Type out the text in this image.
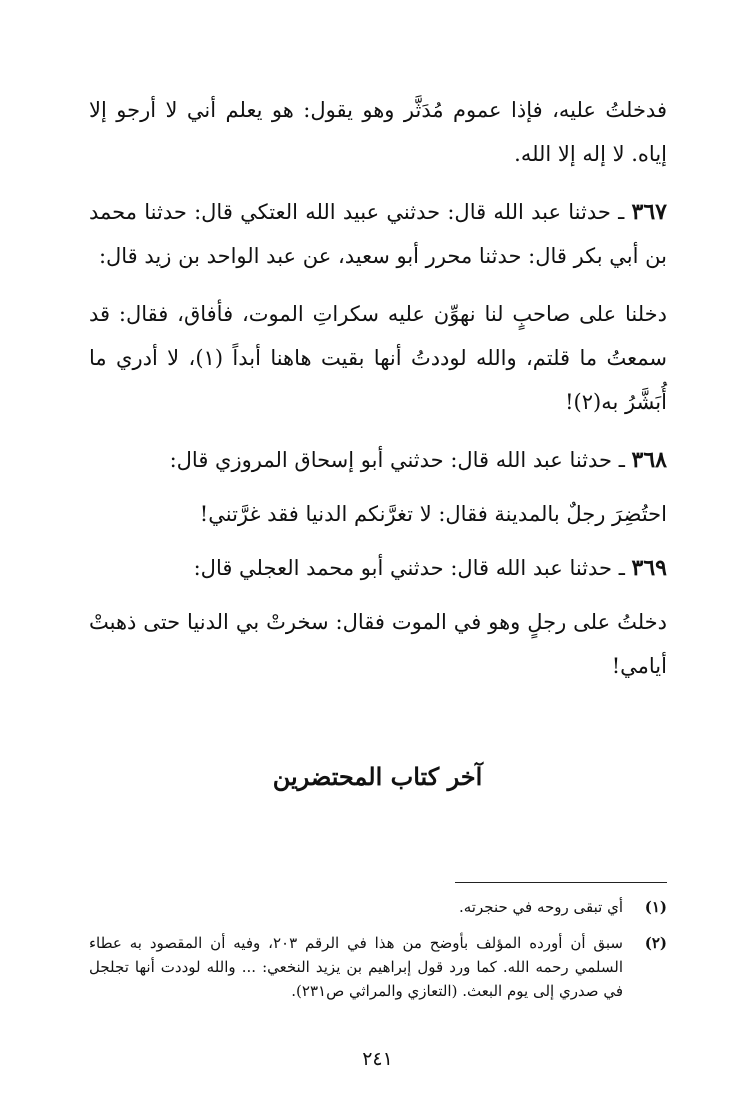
فدخلتُ عليه، فإذا عموم مُدَثَّر وهو يقول: هو يعلم أني لا أرجو إلا إياه. لا إله إلا الله.

٣٦٧ ـ حدثنا عبد الله قال: حدثني عبيد الله العتكي قال: حدثنا محمد بن أبي بكر قال: حدثنا محرر أبو سعيد، عن عبد الواحد بن زيد قال:

دخلنا على صاحبٍ لنا نهوِّن عليه سكراتِ الموت، فأفاق، فقال: قد سمعتُ ما قلتم، والله لوددتُ أنها بقيت هاهنا أبداً (١)، لا أدري ما أُبَشَّرُ به(٢)!

٣٦٨ ـ حدثنا عبد الله قال: حدثني أبو إسحاق المروزي قال:

احتُضِرَ رجلٌ بالمدينة فقال: لا تغرَّنكم الدنيا فقد غرَّتني!

٣٦٩ ـ حدثنا عبد الله قال: حدثني أبو محمد العجلي قال:

دخلتُ على رجلٍ وهو في الموت فقال: سخرتْ بي الدنيا حتى ذهبتْ أيامي!

آخر كتاب المحتضرين
(١)
أي تبقى روحه في حنجرته.
(٢)
سبق أن أورده المؤلف بأوضح من هذا في الرقم ٢٠٣، وفيه أن المقصود به عطاء السلمي رحمه الله. كما ورد قول إبراهيم بن يزيد النخعي: ... والله لوددت أنها تجلجل في صدري إلى يوم البعث. (التعازي والمراثي ص٢٣١).
٢٤١
